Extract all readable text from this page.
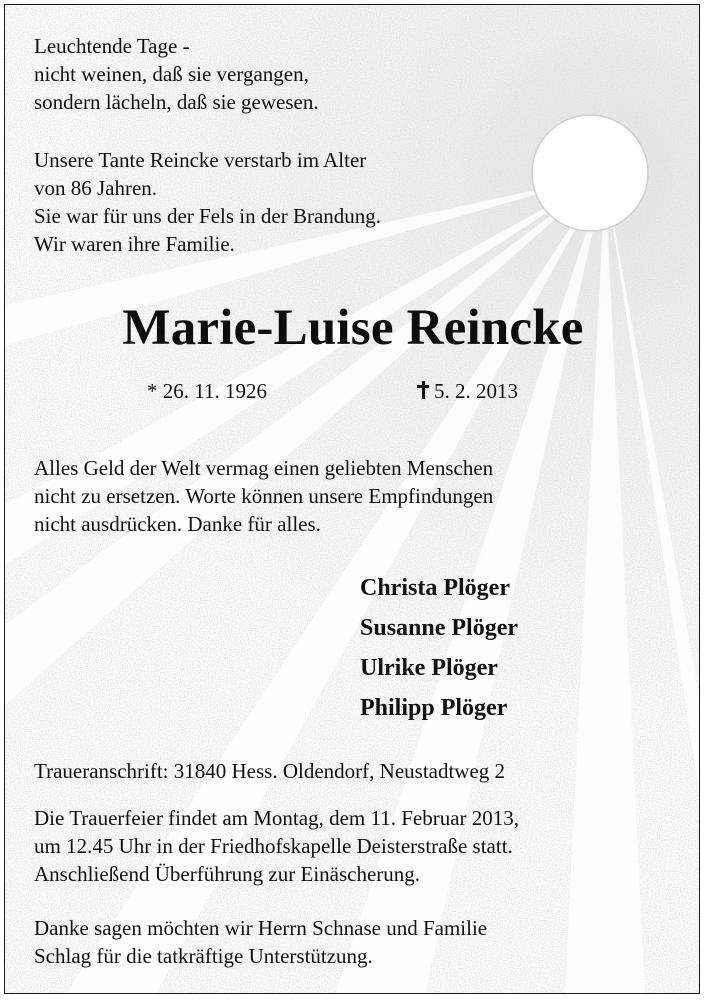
Leuchtende Tage -
nicht weinen, daß sie vergangen,
sondern lächeln, daß sie gewesen.

Unsere Tante Reincke verstarb im Alter
von 86 Jahren.
Sie war für uns der Fels in der Brandung.
Wir waren ihre Familie.

Marie-Luise Reincke
* 26. 11. 1926	5. 2. 2013

Alles Geld der Welt vermag einen geliebten Menschen
nicht zu ersetzen. Worte können unsere Empfindungen
nicht ausdrücken. Danke für alles.

Christa Plöger
Susanne Plöger
Ulrike Plöger
Philipp Plöger

Traueranschrift: 31840 Hess. Oldendorf, Neustadtweg 2

Die Trauerfeier findet am Montag, dem 11. Februar 2013,
um 12.45 Uhr in der Friedhofskapelle Deisterstraße statt.
Anschließend Überführung zur Einäscherung.

Danke sagen möchten wir Herrn Schnase und Familie
Schlag für die tatkräftige Unterstützung.
